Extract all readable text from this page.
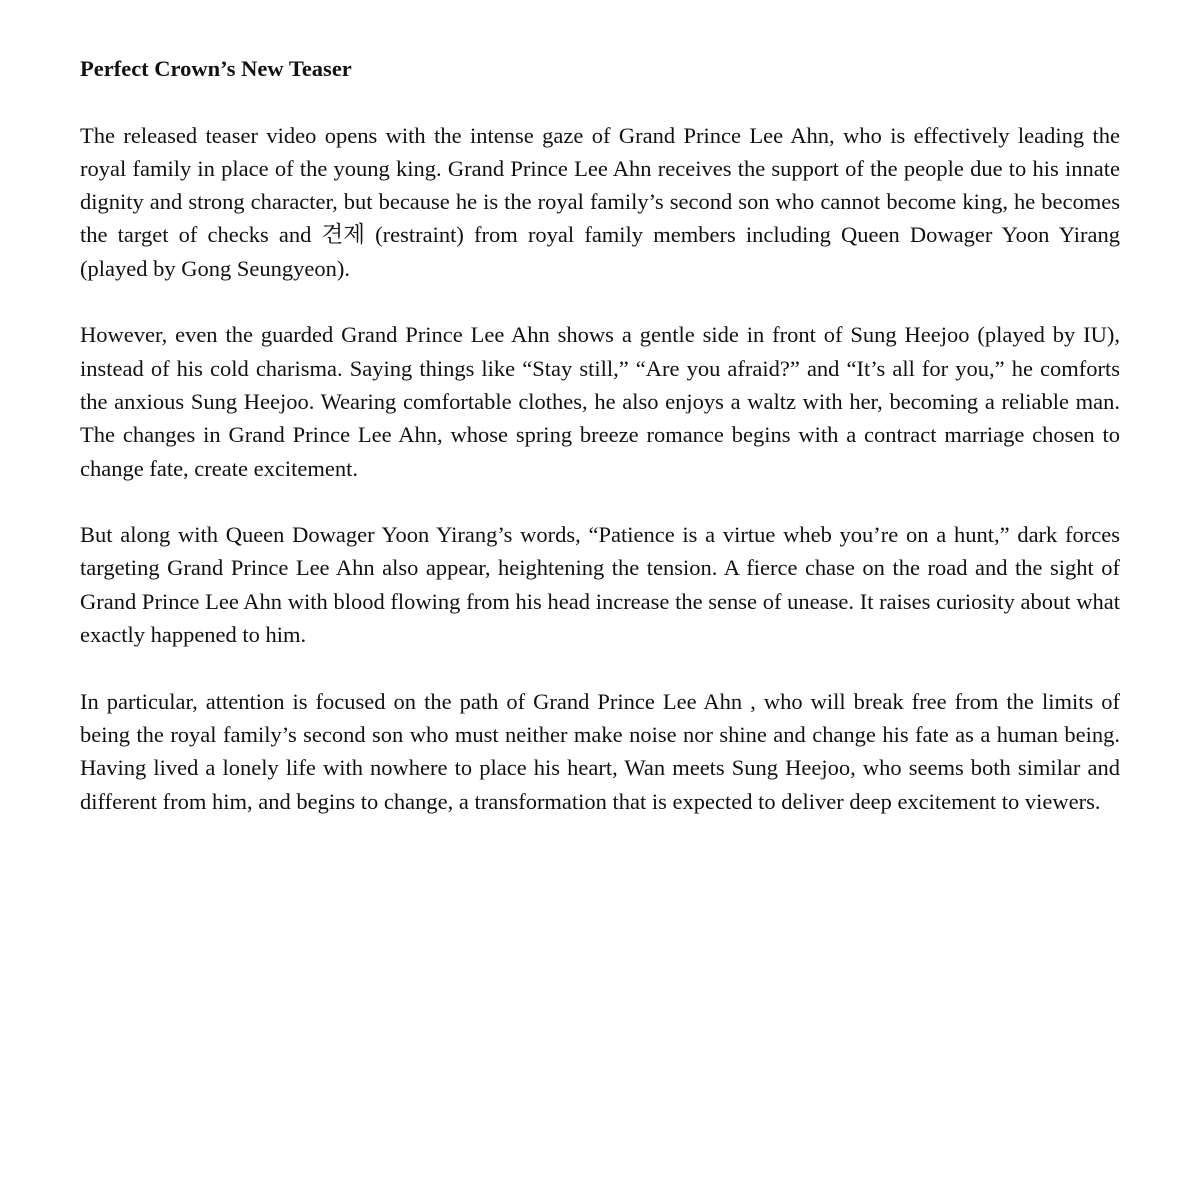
Perfect Crown’s New Teaser

The released teaser video opens with the intense gaze of Grand Prince Lee Ahn, who is effectively leading the royal family in place of the young king. Grand Prince Lee Ahn receives the support of the people due to his innate dignity and strong character, but because he is the royal family’s second son who cannot become king, he becomes the target of checks and 견제 (restraint) from royal family members including Queen Dowager Yoon Yirang (played by Gong Seungyeon).

However, even the guarded Grand Prince Lee Ahn shows a gentle side in front of Sung Heejoo (played by IU), instead of his cold charisma. Saying things like “Stay still,” “Are you afraid?” and “It’s all for you,” he comforts the anxious Sung Heejoo. Wearing comfortable clothes, he also enjoys a waltz with her, becoming a reliable man. The changes in Grand Prince Lee Ahn, whose spring breeze romance begins with a contract marriage chosen to change fate, create excitement.

But along with Queen Dowager Yoon Yirang’s words, “Patience is a virtue wheb you’re on a hunt,” dark forces targeting Grand Prince Lee Ahn also appear, heightening the tension. A fierce chase on the road and the sight of Grand Prince Lee Ahn with blood flowing from his head increase the sense of unease. It raises curiosity about what exactly happened to him.

In particular, attention is focused on the path of Grand Prince Lee Ahn , who will break free from the limits of being the royal family’s second son who must neither make noise nor shine and change his fate as a human being. Having lived a lonely life with nowhere to place his heart, Wan meets Sung Heejoo, who seems both similar and different from him, and begins to change, a transformation that is expected to deliver deep excitement to viewers.
